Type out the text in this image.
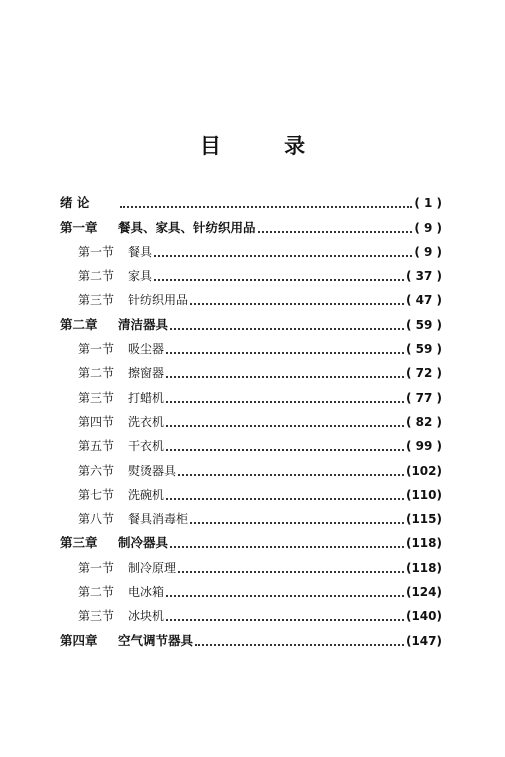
目 录
绪 论	( 1 )
第一章	餐具、家具、针纺织用品	( 9 )
第一节	餐具	( 9 )
第二节	家具	( 37 )
第三节	针纺织用品	( 47 )
第二章	清洁器具	( 59 )
第一节	吸尘器	( 59 )
第二节	擦窗器	( 72 )
第三节	打蜡机	( 77 )
第四节	洗衣机	( 82 )
第五节	干衣机	( 99 )
第六节	熨烫器具	(102)
第七节	洗碗机	(110)
第八节	餐具消毒柜	(115)
第三章	制冷器具	(118)
第一节	制冷原理	(118)
第二节	电冰箱	(124)
第三节	冰块机	(140)
第四章	空气调节器具	(147)
